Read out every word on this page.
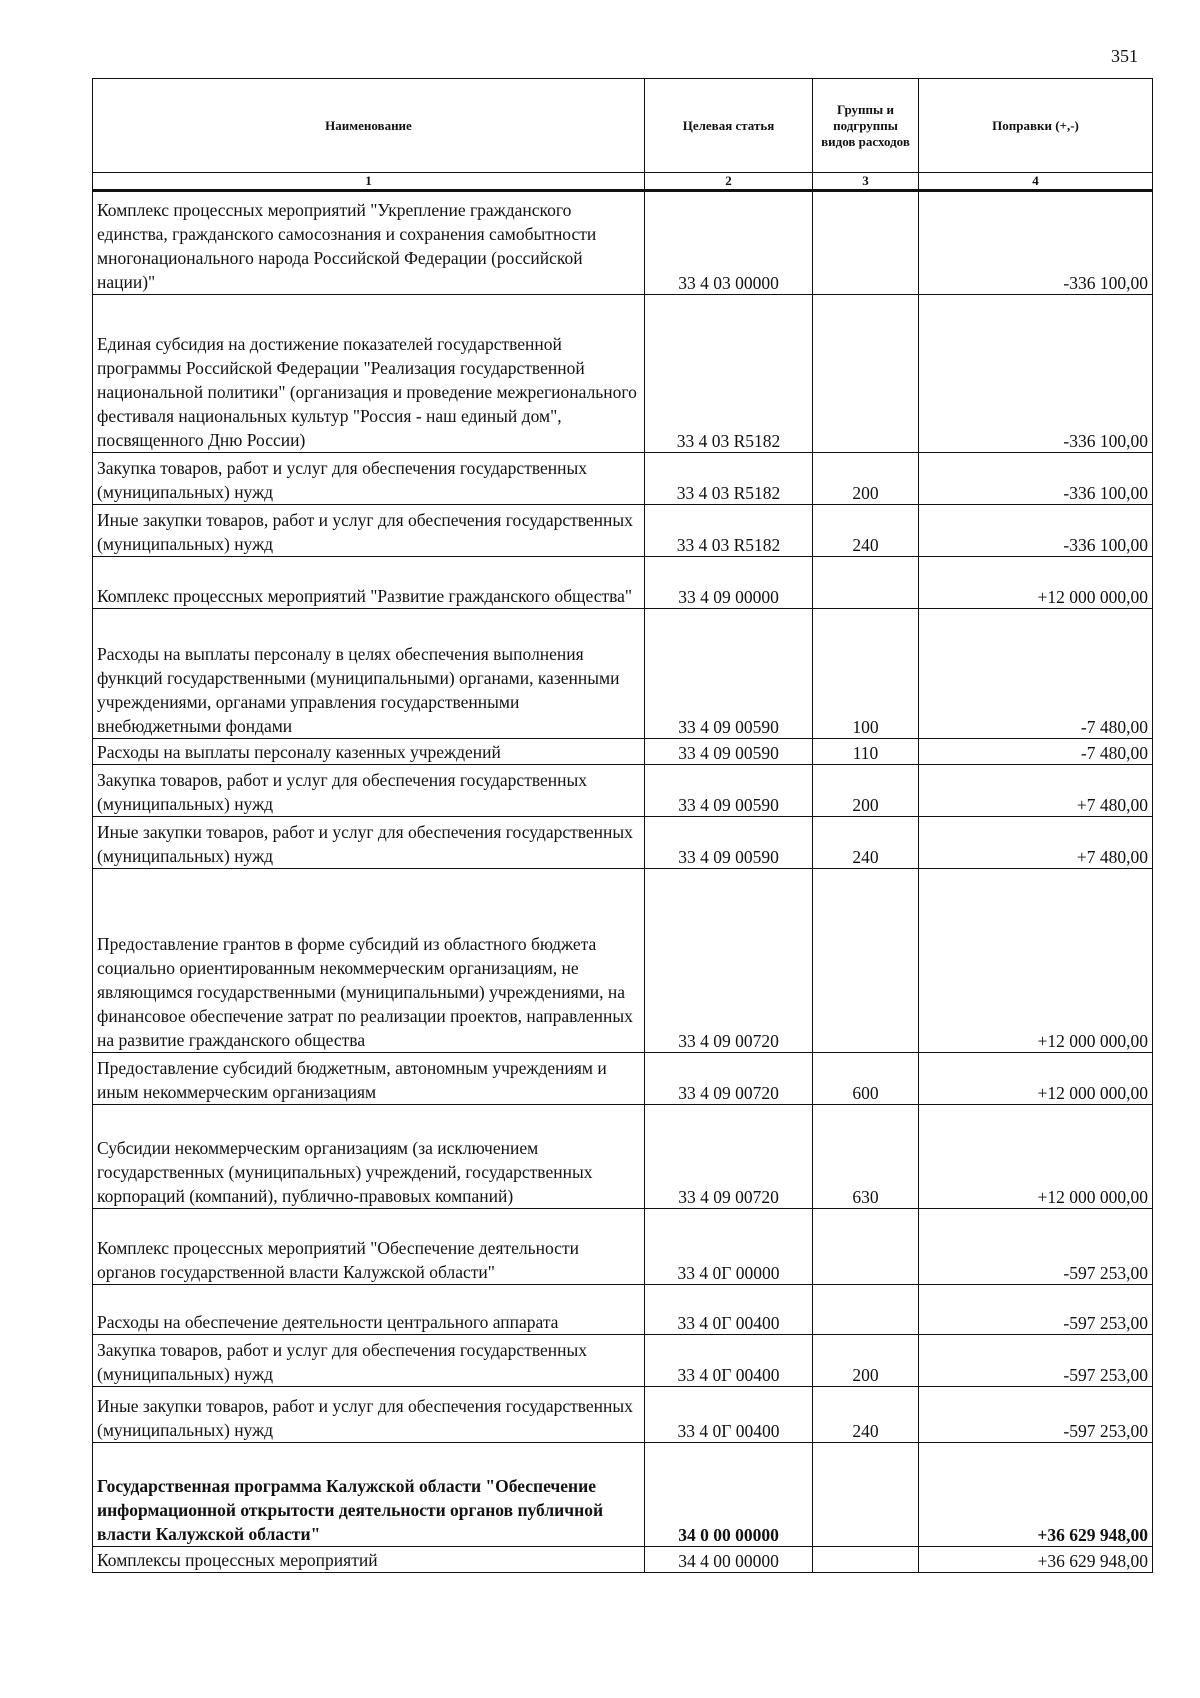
351
Наименование	Целевая статья	Группы и подгруппы видов расходов	Поправки (+,-)
1	2	3	4
Комплекс процессных мероприятий "Укрепление гражданского единства, гражданского самосознания и сохранения самобытности многонационального народа Российской Федерации (российской нации)"	33 4 03 00000		-336 100,00
Единая субсидия на достижение показателей государственной программы Российской Федерации "Реализация государственной национальной политики" (организация и проведение межрегионального фестиваля национальных культур "Россия - наш единый дом", посвященного Дню России)	33 4 03 R5182		-336 100,00
Закупка товаров, работ и услуг для обеспечения государственных (муниципальных) нужд	33 4 03 R5182	200	-336 100,00
Иные закупки товаров, работ и услуг для обеспечения государственных (муниципальных) нужд	33 4 03 R5182	240	-336 100,00
Комплекс процессных мероприятий "Развитие гражданского общества"	33 4 09 00000		+12 000 000,00
Расходы на выплаты персоналу в целях обеспечения выполнения функций государственными (муниципальными) органами, казенными учреждениями, органами управления государственными внебюджетными фондами	33 4 09 00590	100	-7 480,00
Расходы на выплаты персоналу казенных учреждений	33 4 09 00590	110	-7 480,00
Закупка товаров, работ и услуг для обеспечения государственных (муниципальных) нужд	33 4 09 00590	200	+7 480,00
Иные закупки товаров, работ и услуг для обеспечения государственных (муниципальных) нужд	33 4 09 00590	240	+7 480,00
Предоставление грантов в форме субсидий из областного бюджета социально ориентированным некоммерческим организациям, не являющимся государственными (муниципальными) учреждениями, на финансовое обеспечение затрат по реализации проектов, направленных на развитие гражданского общества	33 4 09 00720		+12 000 000,00
Предоставление субсидий бюджетным, автономным учреждениям и иным некоммерческим организациям	33 4 09 00720	600	+12 000 000,00
Субсидии некоммерческим организациям (за исключением государственных (муниципальных) учреждений, государственных корпораций (компаний), публично-правовых компаний)	33 4 09 00720	630	+12 000 000,00
Комплекс процессных мероприятий "Обеспечение деятельности органов государственной власти Калужской области"	33 4 0Г 00000		-597 253,00
Расходы на обеспечение деятельности центрального аппарата	33 4 0Г 00400		-597 253,00
Закупка товаров, работ и услуг для обеспечения государственных (муниципальных) нужд	33 4 0Г 00400	200	-597 253,00
Иные закупки товаров, работ и услуг для обеспечения государственных (муниципальных) нужд	33 4 0Г 00400	240	-597 253,00
Государственная программа Калужской области "Обеспечение информационной открытости деятельности органов публичной власти Калужской области"	34 0 00 00000		+36 629 948,00
Комплексы процессных мероприятий	34 4 00 00000		+36 629 948,00
